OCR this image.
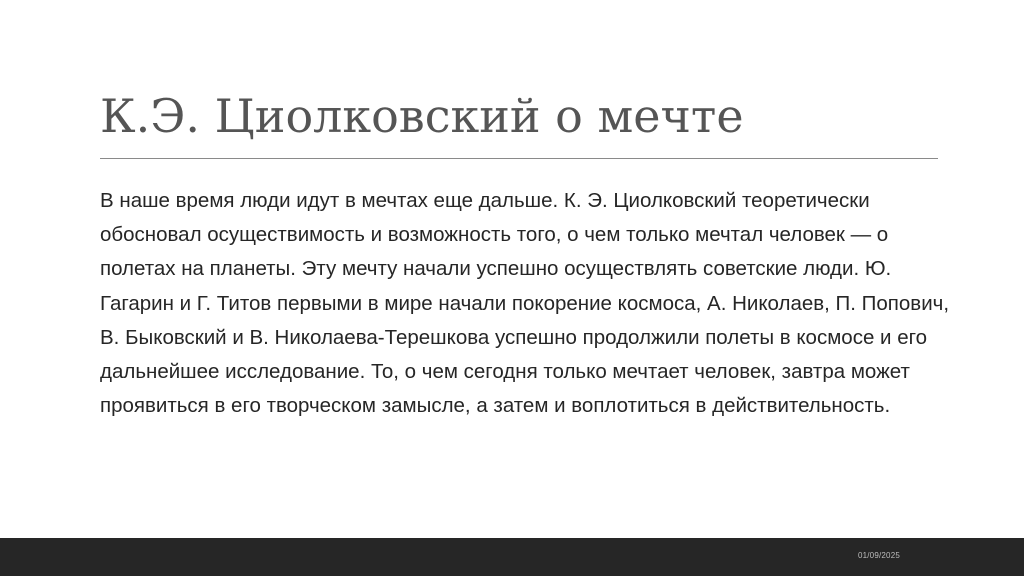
К.Э. Циолковский о мечте

В наше время люди идут в мечтах еще дальше. К. Э. Циолковский теоретически обосновал осуществимость и возможность того, о чем только мечтал человек — о полетах на планеты. Эту мечту начали успешно осуществлять советские люди. Ю. Гагарин и Г. Титов первыми в мире начали покорение космоса, А. Николаев, П. Попович, В. Быковский и В. Николаева-Терешкова успешно продолжили полеты в космосе и его дальнейшее исследование. То, о чем сегодня только мечтает человек, завтра может проявиться в его творческом замысле, а затем и воплотиться в действительность.

01/09/2025
